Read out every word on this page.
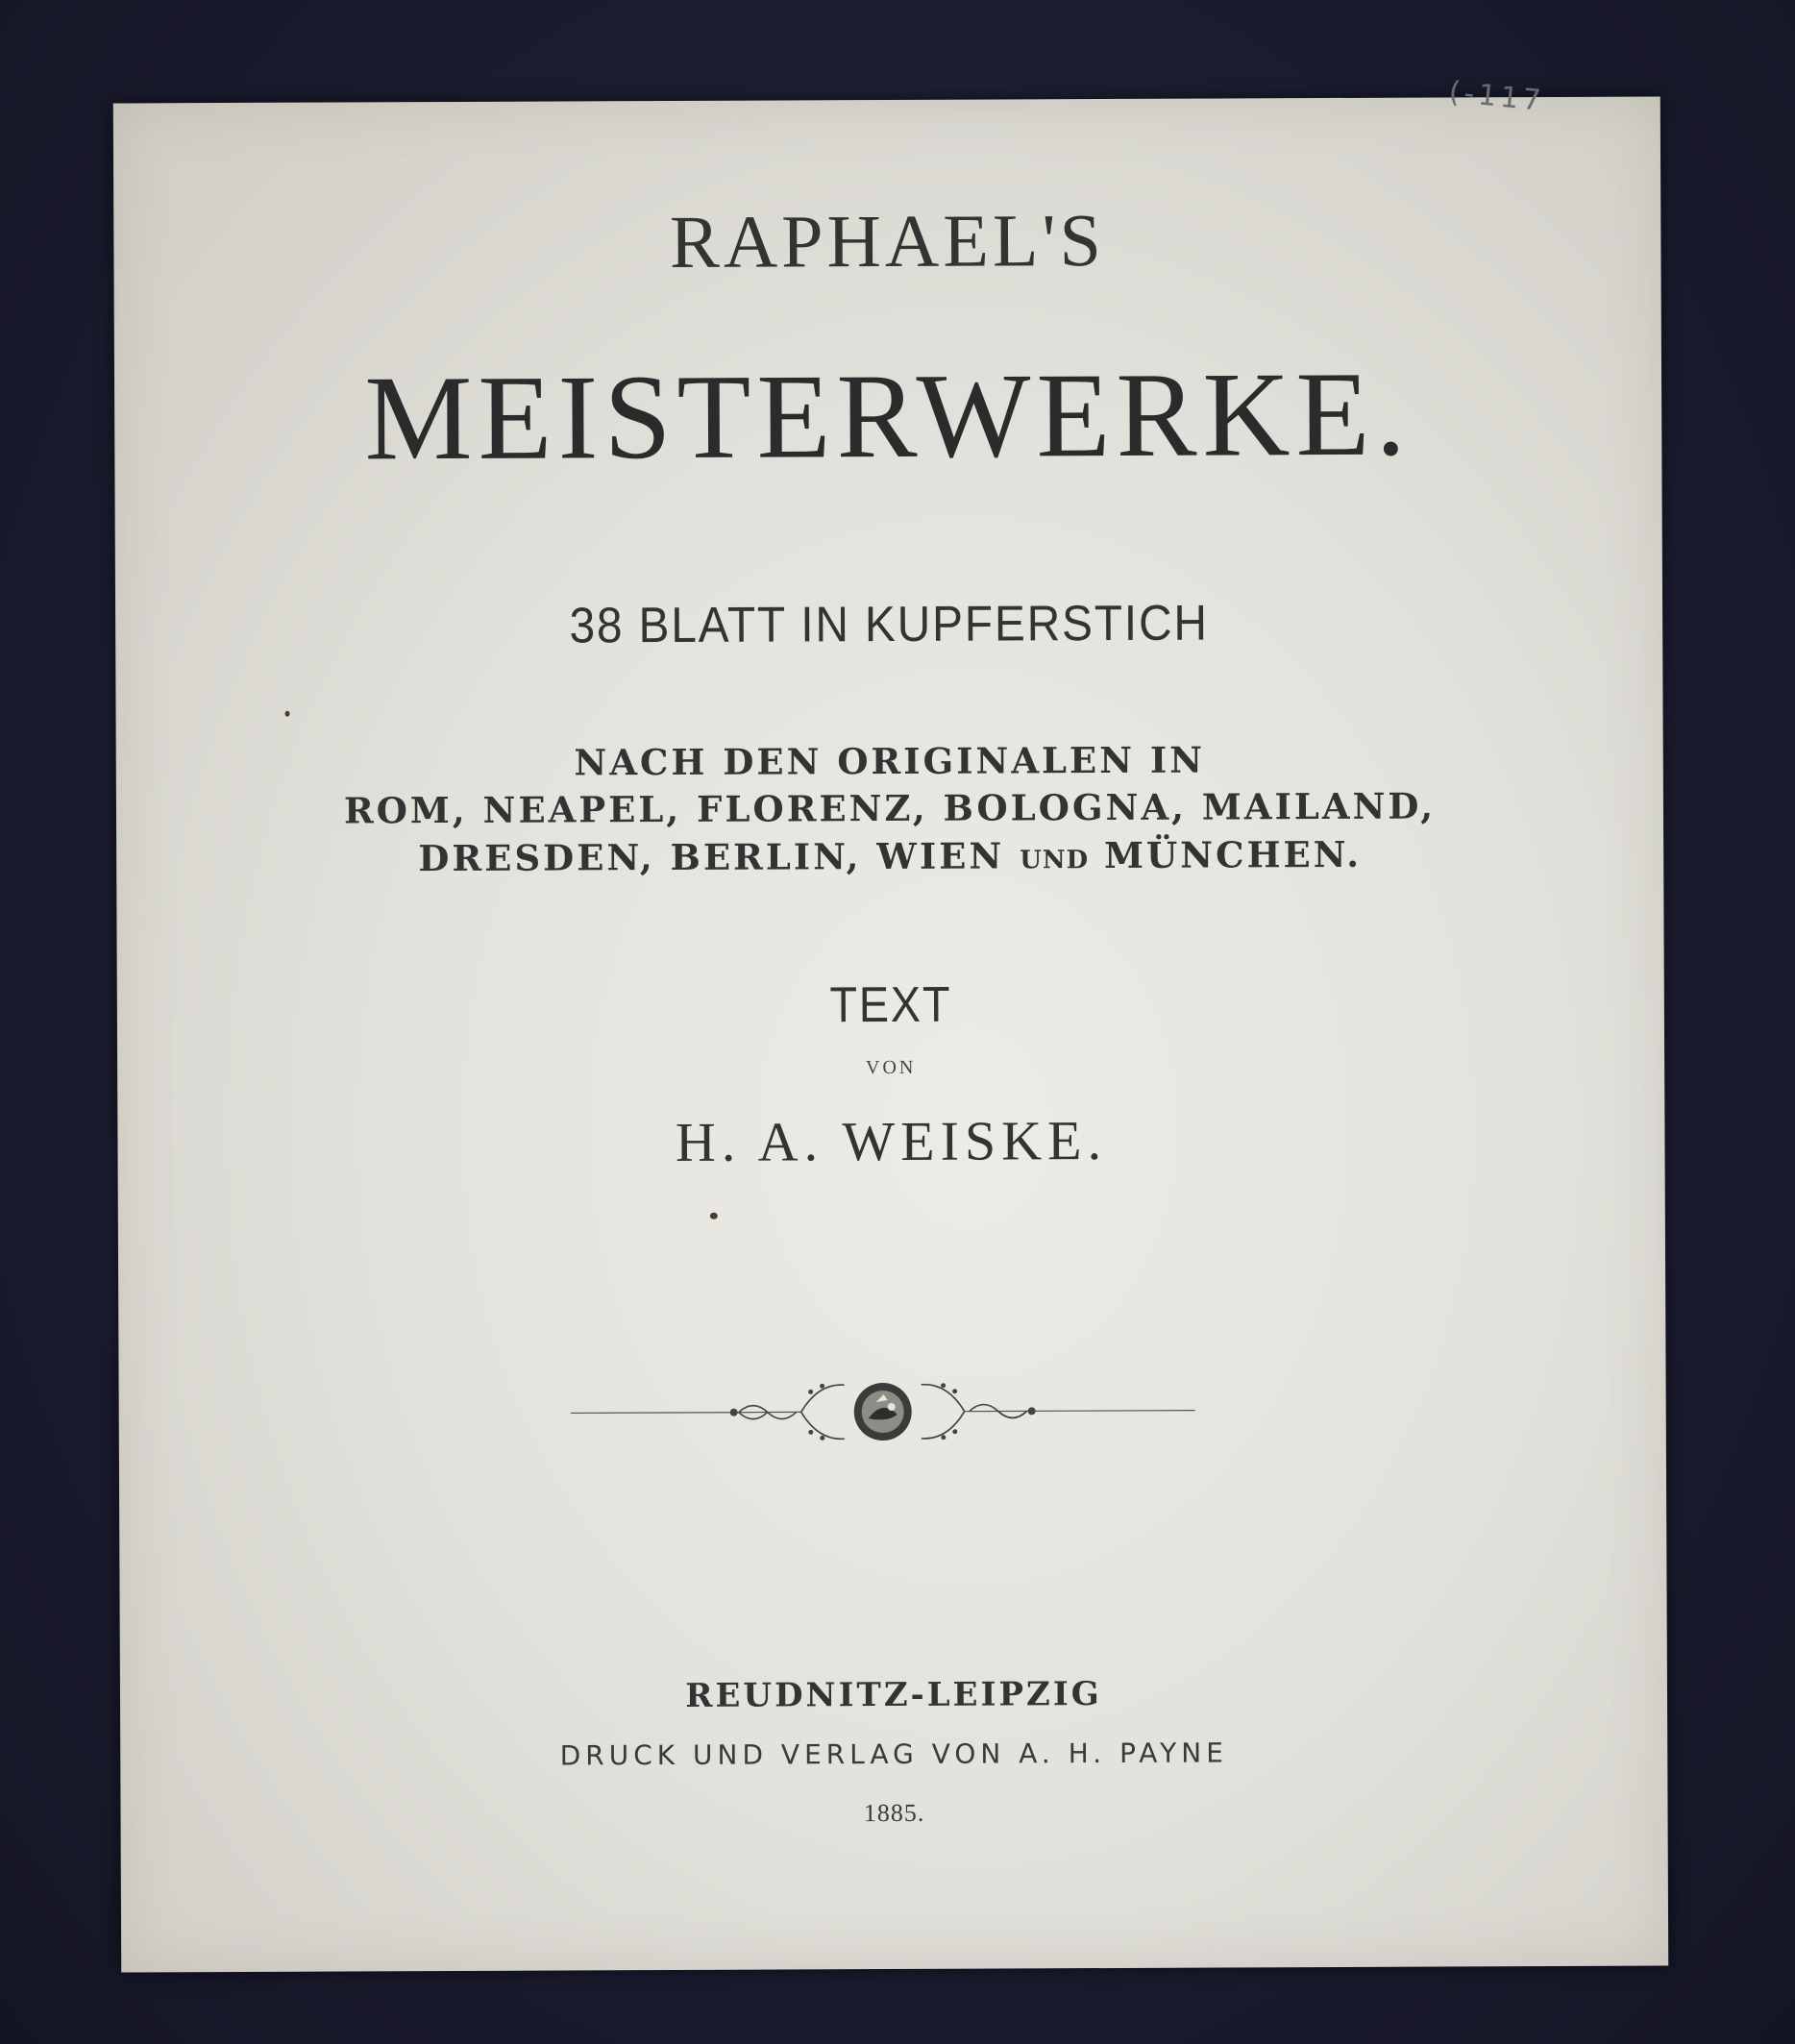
RAPHAEL'S
MEISTERWERKE.
38 BLATT IN KUPFERSTICH
NACH DEN ORIGINALEN IN
ROM, NEAPEL, FLORENZ, BOLOGNA, MAILAND,
DRESDEN, BERLIN, WIEN UND MÜNCHEN.
TEXT
VON
H. A. WEISKE.
REUDNITZ-LEIPZIG
DRUCK UND VERLAG VON A. H. PAYNE
1885.
(-117
